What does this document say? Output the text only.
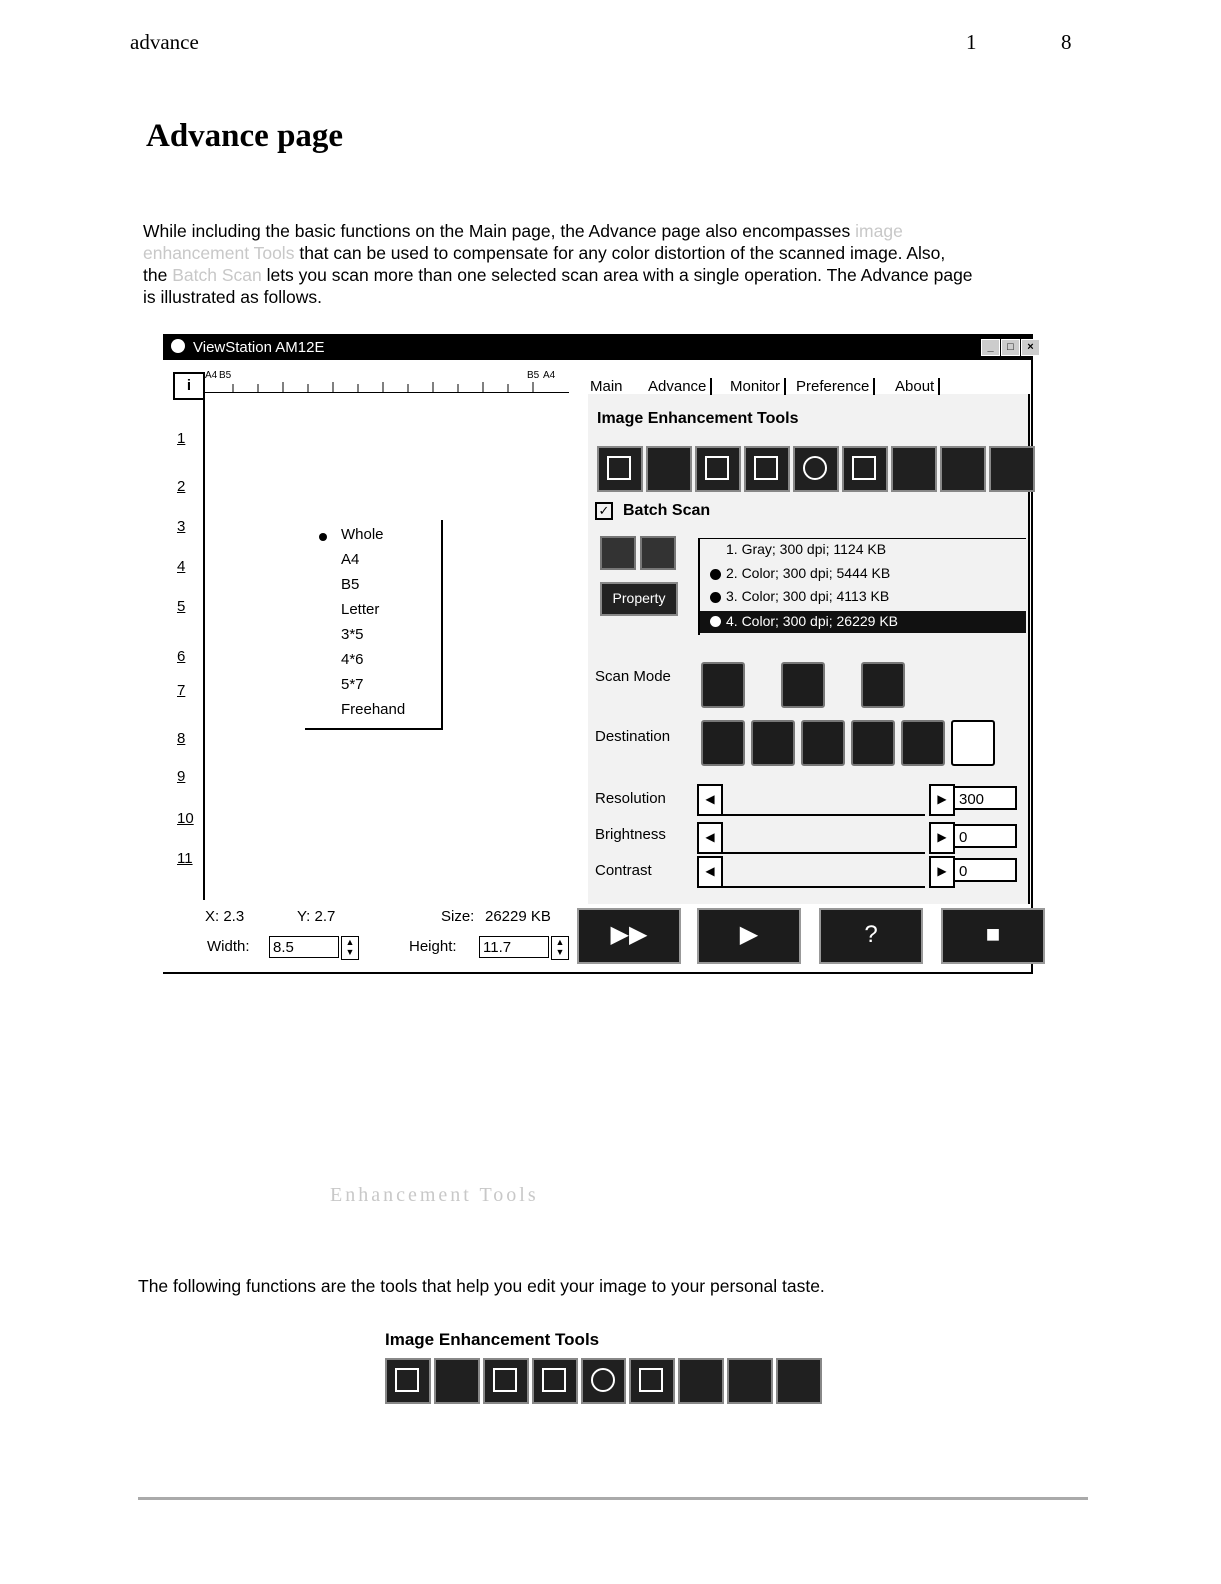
advance	1	8
Advance page
While including the basic functions on the Main page, the Advance page also encompasses image
enhancement Tools that can be used to compensate for any color distortion of the scanned image. Also,
the Batch Scan lets you scan more than one selected scan area with a single operation. The Advance page
is illustrated as follows.
ViewStation AM12E	_	□	×
i
A4 B5	B5 A4
1
2
3
4
5
6
7
8
9
10
11
Whole
A4
B5
Letter
3*5
4*6
5*7
Freehand
Main Advance	Monitor	Preference	About
Image Enhancement Tools
✓ Batch Scan
Property
1. Gray; 300 dpi; 1124 KB
2. Color; 300 dpi; 5444 KB
3. Color; 300 dpi; 4113 KB
4. Color; 300 dpi; 26229 KB
Scan Mode
Destination
Resolution	◀	▶ 300
Brightness	◀	▶ 0
Contrast	◀	▶ 0
X: 2.3	Y: 2.7	Size: 26229 KB
Width: 8.5	▲
▼	Height: 11.7	▲
▼
▶▶	▶	?	■
Enhancement Tools
The following functions are the tools that help you edit your image to your personal taste.
Image Enhancement Tools
